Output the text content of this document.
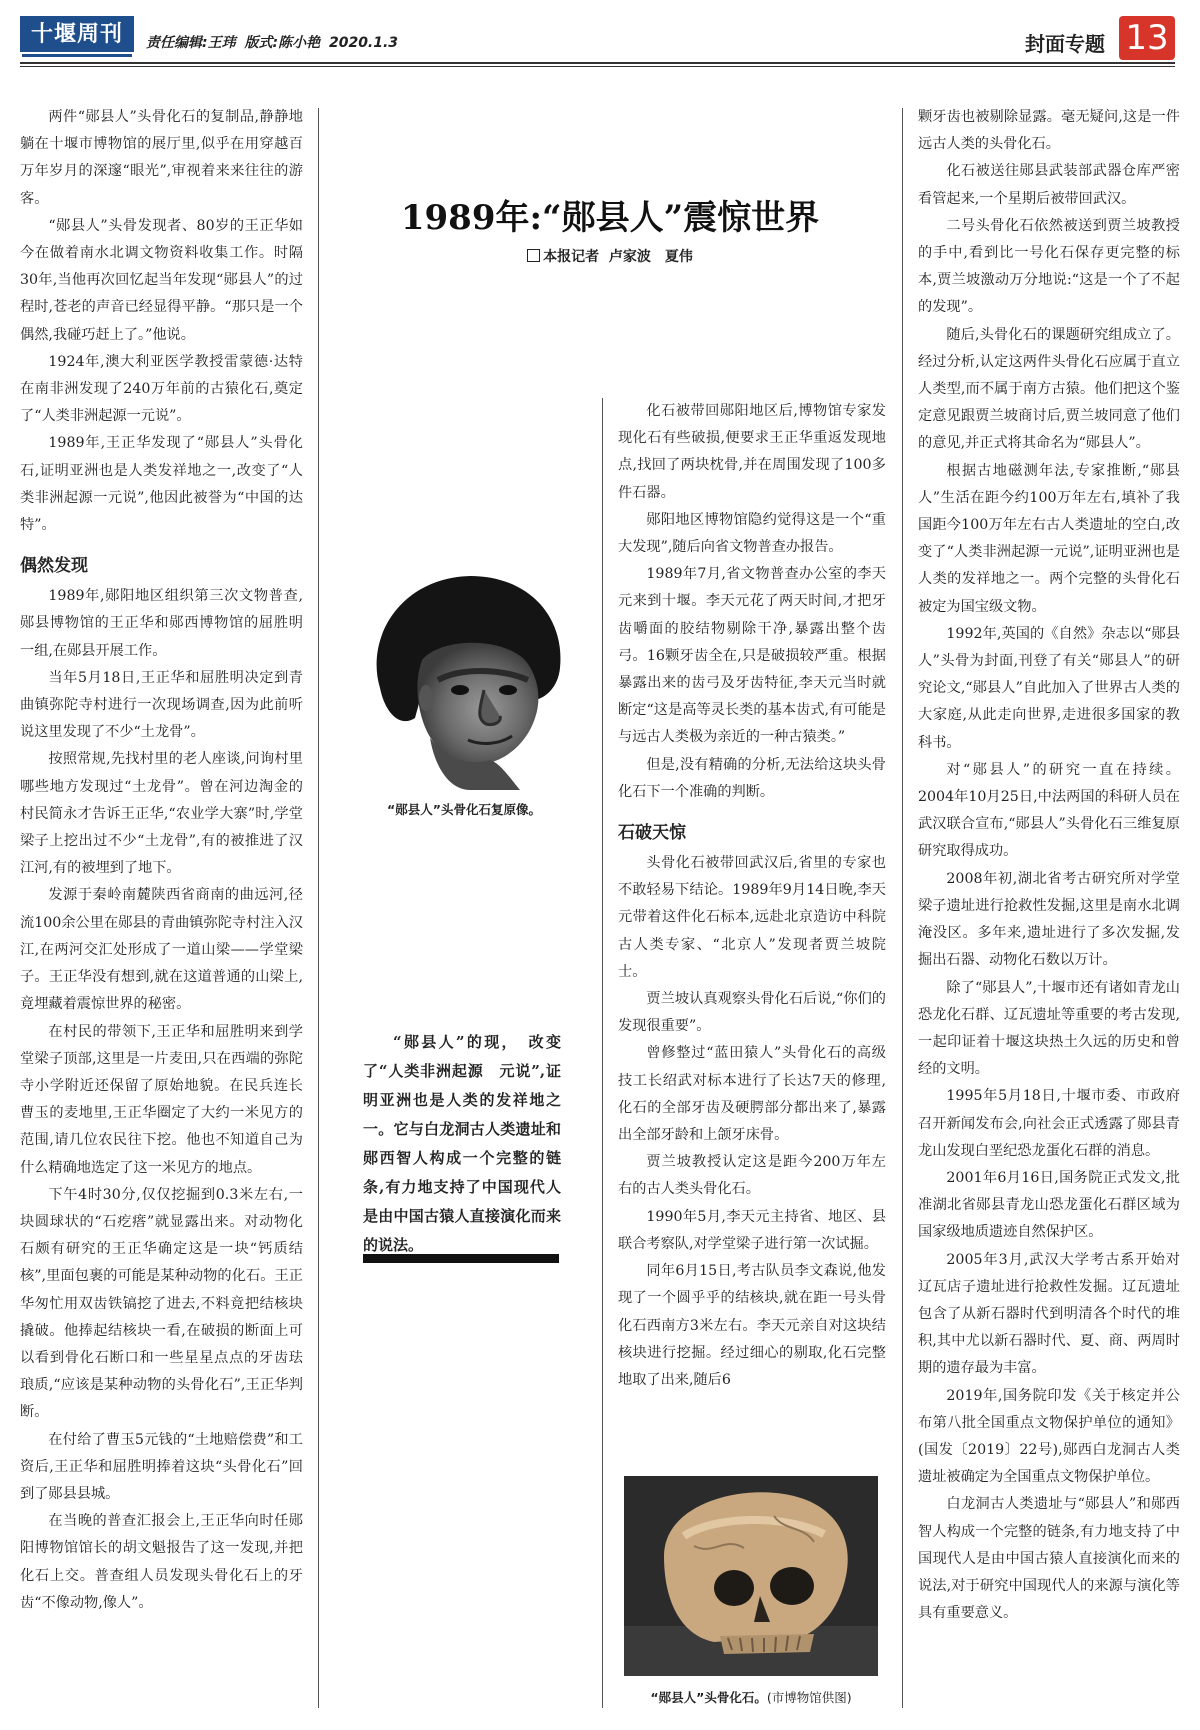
十堰周刊	责任编辑:王玮 版式:陈小艳 2020.1.3	封面专题 13

两件“郧县人”头骨化石的复制品,静静地躺在十堰市博物馆的展厅里,似乎在用穿越百万年岁月的深邃“眼光”,审视着来来往往的游客。

“郧县人”头骨发现者、80岁的王正华如今在做着南水北调文物资料收集工作。时隔30年,当他再次回忆起当年发现“郧县人”的过程时,苍老的声音已经显得平静。“那只是一个偶然,我碰巧赶上了。”他说。

1924年,澳大利亚医学教授雷蒙德·达特在南非洲发现了240万年前的古猿化石,奠定了“人类非洲起源一元说”。

1989年,王正华发现了“郧县人”头骨化石,证明亚洲也是人类发祥地之一,改变了“人类非洲起源一元说”,他因此被誉为“中国的达特”。

偶然发现

1989年,郧阳地区组织第三次文物普查,郧县博物馆的王正华和郧西博物馆的屈胜明一组,在郧县开展工作。

当年5月18日,王正华和屈胜明决定到青曲镇弥陀寺村进行一次现场调查,因为此前听说这里发现了不少“土龙骨”。

按照常规,先找村里的老人座谈,问询村里哪些地方发现过“土龙骨”。曾在河边淘金的村民简永才告诉王正华,“农业学大寨”时,学堂梁子上挖出过不少“土龙骨”,有的被推进了汉江河,有的被埋到了地下。

发源于秦岭南麓陕西省商南的曲远河,径流100余公里在郧县的青曲镇弥陀寺村注入汉江,在两河交汇处形成了一道山梁——学堂梁子。王正华没有想到,就在这道普通的山梁上,竟埋藏着震惊世界的秘密。

在村民的带领下,王正华和屈胜明来到学堂梁子顶部,这里是一片麦田,只在西端的弥陀寺小学附近还保留了原始地貌。在民兵连长曹玉的麦地里,王正华圈定了大约一米见方的范围,请几位农民往下挖。他也不知道自己为什么精确地选定了这一米见方的地点。

下午4时30分,仅仅挖掘到0.3米左右,一块圆球状的“石疙瘩”就显露出来。对动物化石颇有研究的王正华确定这是一块“钙质结核”,里面包裹的可能是某种动物的化石。王正华匆忙用双齿铁镐挖了进去,不料竟把结核块撬破。他捧起结核块一看,在破损的断面上可以看到骨化石断口和一些星星点点的牙齿珐琅质,“应该是某种动物的头骨化石”,王正华判断。

在付给了曹玉5元钱的“土地赔偿费”和工资后,王正华和屈胜明捧着这块“头骨化石”回到了郧县县城。

在当晚的普查汇报会上,王正华向时任郧阳博物馆馆长的胡文魁报告了这一发现,并把化石上交。普查组人员发现头骨化石上的牙齿“不像动物,像人”。

1989年:“郧县人”震惊世界
本报记者 卢家波　夏伟
“郧县人”头骨化石复原像。
“郧县人”的现，　改变了“人类非洲起源　元说”,证明亚洲也是人类的发祥地之一。它与白龙洞古人类遗址和郧西智人构成一个完整的链条,有力地支持了中国现代人是由中国古猿人直接演化而来的说法。

化石被带回郧阳地区后,博物馆专家发现化石有些破损,便要求王正华重返发现地点,找回了两块枕骨,并在周围发现了100多件石器。

郧阳地区博物馆隐约觉得这是一个“重大发现”,随后向省文物普查办报告。

1989年7月,省文物普查办公室的李天元来到十堰。李天元花了两天时间,才把牙齿嚼面的胶结物剔除干净,暴露出整个齿弓。16颗牙齿全在,只是破损较严重。根据暴露出来的齿弓及牙齿特征,李天元当时就断定“这是高等灵长类的基本齿式,有可能是与远古人类极为亲近的一种古猿类。”

但是,没有精确的分析,无法给这块头骨化石下一个准确的判断。

石破天惊

头骨化石被带回武汉后,省里的专家也不敢轻易下结论。1989年9月14日晚,李天元带着这件化石标本,远赴北京造访中科院古人类专家、“北京人”发现者贾兰坡院士。

贾兰坡认真观察头骨化石后说,“你们的发现很重要”。

曾修整过“蓝田猿人”头骨化石的高级技工长绍武对标本进行了长达7天的修理,化石的全部牙齿及硬腭部分都出来了,暴露出全部牙龄和上颌牙床骨。

贾兰坡教授认定这是距今200万年左右的古人类头骨化石。

1990年5月,李天元主持省、地区、县联合考察队,对学堂梁子进行第一次试掘。

同年6月15日,考古队员李文森说,他发现了一个圆乎乎的结核块,就在距一号头骨化石西南方3米左右。李天元亲自对这块结核块进行挖掘。经过细心的剔取,化石完整地取了出来,随后6

“郧县人”头骨化石。(市博物馆供图)

颗牙齿也被剔除显露。毫无疑问,这是一件远古人类的头骨化石。

化石被送往郧县武装部武器仓库严密看管起来,一个星期后被带回武汉。

二号头骨化石依然被送到贾兰坡教授的手中,看到比一号化石保存更完整的标本,贾兰坡激动万分地说:“这是一个了不起的发现”。

随后,头骨化石的课题研究组成立了。经过分析,认定这两件头骨化石应属于直立人类型,而不属于南方古猿。他们把这个鉴定意见跟贾兰坡商讨后,贾兰坡同意了他们的意见,并正式将其命名为“郧县人”。

根据古地磁测年法,专家推断,“郧县人”生活在距今约100万年左右,填补了我国距今100万年左右古人类遗址的空白,改变了“人类非洲起源一元说”,证明亚洲也是人类的发祥地之一。两个完整的头骨化石被定为国宝级文物。

1992年,英国的《自然》杂志以“郧县人”头骨为封面,刊登了有关“郧县人”的研究论文,“郧县人”自此加入了世界古人类的大家庭,从此走向世界,走进很多国家的教科书。

对“郧县人”的研究一直在持续。2004年10月25日,中法两国的科研人员在武汉联合宣布,“郧县人”头骨化石三维复原研究取得成功。

2008年初,湖北省考古研究所对学堂梁子遗址进行抢救性发掘,这里是南水北调淹没区。多年来,遗址进行了多次发掘,发掘出石器、动物化石数以万计。

除了“郧县人”,十堰市还有诸如青龙山恐龙化石群、辽瓦遗址等重要的考古发现,一起印证着十堰这块热土久远的历史和曾经的文明。

1995年5月18日,十堰市委、市政府召开新闻发布会,向社会正式透露了郧县青龙山发现白垩纪恐龙蛋化石群的消息。

2001年6月16日,国务院正式发文,批准湖北省郧县青龙山恐龙蛋化石群区域为国家级地质遗迹自然保护区。

2005年3月,武汉大学考古系开始对辽瓦店子遗址进行抢救性发掘。辽瓦遗址包含了从新石器时代到明清各个时代的堆积,其中尤以新石器时代、夏、商、两周时期的遗存最为丰富。

2019年,国务院印发《关于核定并公布第八批全国重点文物保护单位的通知》(国发〔2019〕22号),郧西白龙洞古人类遗址被确定为全国重点文物保护单位。

白龙洞古人类遗址与“郧县人”和郧西智人构成一个完整的链条,有力地支持了中国现代人是由中国古猿人直接演化而来的说法,对于研究中国现代人的来源与演化等具有重要意义。
